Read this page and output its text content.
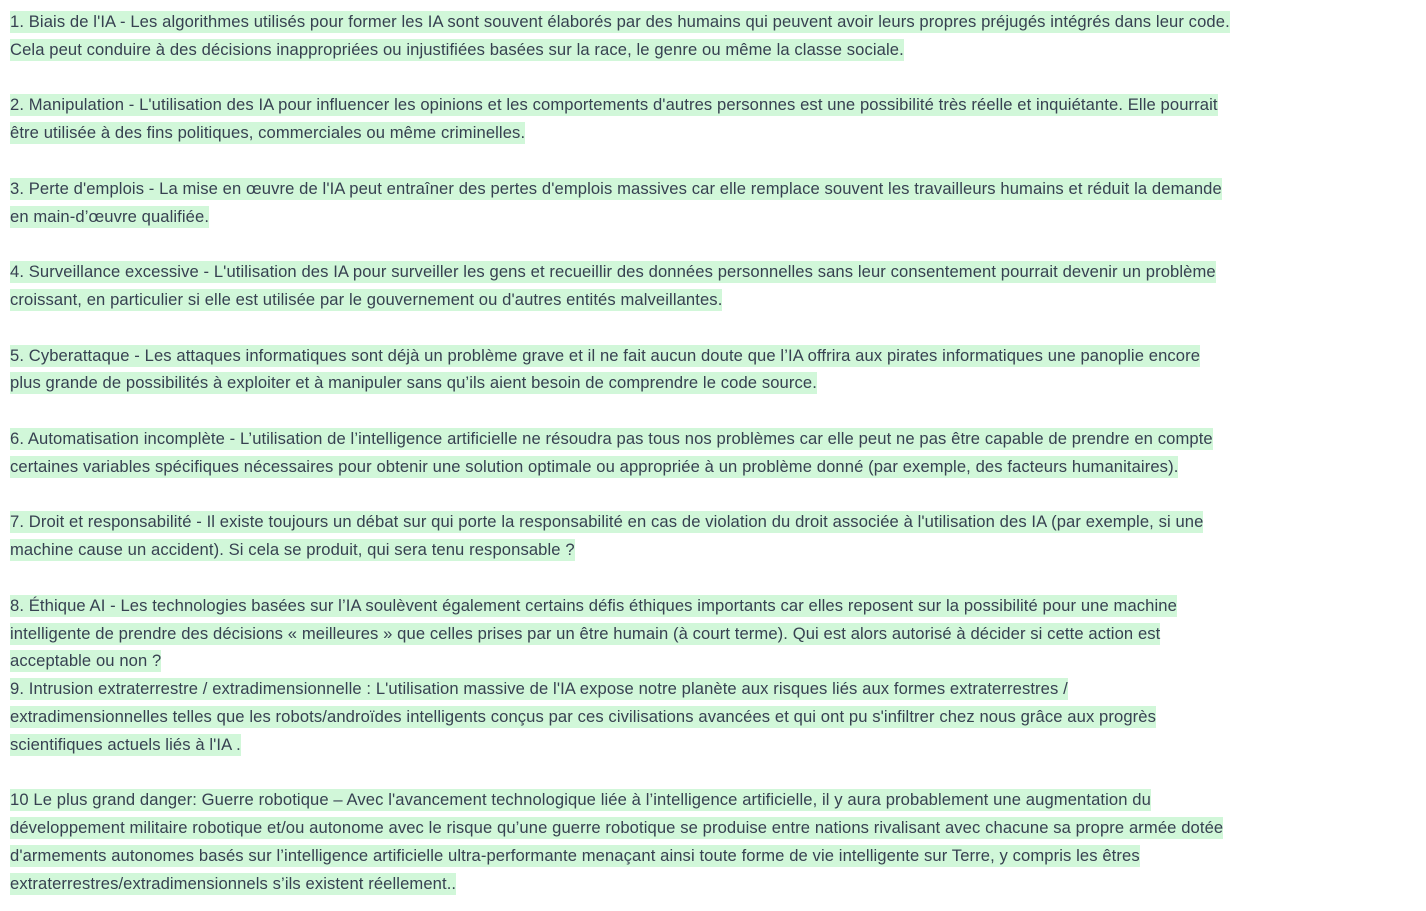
1. Biais de l'IA - Les algorithmes utilisés pour former les IA sont souvent élaborés par des humains qui peuvent avoir leurs propres préjugés intégrés dans leur code.
Cela peut conduire à des décisions inappropriées ou injustifiées basées sur la race, le genre ou même la classe sociale.

2. Manipulation - L'utilisation des IA pour influencer les opinions et les comportements d'autres personnes est une possibilité très réelle et inquiétante. Elle pourrait
être utilisée à des fins politiques, commerciales ou même criminelles.

3. Perte d'emplois - La mise en œuvre de l'IA peut entraîner des pertes d'emplois massives car elle remplace souvent les travailleurs humains et réduit la demande
en main-d’œuvre qualifiée.

4. Surveillance excessive - L'utilisation des IA pour surveiller les gens et recueillir des données personnelles sans leur consentement pourrait devenir un problème
croissant, en particulier si elle est utilisée par le gouvernement ou d'autres entités malveillantes.

5. Cyberattaque - Les attaques informatiques sont déjà un problème grave et il ne fait aucun doute que l’IA offrira aux pirates informatiques une panoplie encore
plus grande de possibilités à exploiter et à manipuler sans qu’ils aient besoin de comprendre le code source.

6. Automatisation incomplète - L’utilisation de l’intelligence artificielle ne résoudra pas tous nos problèmes car elle peut ne pas être capable de prendre en compte
certaines variables spécifiques nécessaires pour obtenir une solution optimale ou appropriée à un problème donné (par exemple, des facteurs humanitaires).

7. Droit et responsabilité - Il existe toujours un débat sur qui porte la responsabilité en cas de violation du droit associée à l'utilisation des IA (par exemple, si une
machine cause un accident). Si cela se produit, qui sera tenu responsable ?

8. Éthique AI - Les technologies basées sur l’IA soulèvent également certains défis éthiques importants car elles reposent sur la possibilité pour une machine
intelligente de prendre des décisions « meilleures » que celles prises par un être humain (à court terme). Qui est alors autorisé à décider si cette action est
acceptable ou non ?
9. Intrusion extraterrestre / extradimensionnelle : L'utilisation massive de l'IA expose notre planète aux risques liés aux formes extraterrestres /
extradimensionnelles telles que les robots/androïdes intelligents conçus par ces civilisations avancées et qui ont pu s'infiltrer chez nous grâce aux progrès
scientifiques actuels liés à l'IA .

10 Le plus grand danger: Guerre robotique – Avec l'avancement technologique liée à l’intelligence artificielle, il y aura probablement une augmentation du
développement militaire robotique et/ou autonome avec le risque qu’une guerre robotique se produise entre nations rivalisant avec chacune sa propre armée dotée
d'armements autonomes basés sur l’intelligence artificielle ultra-performante menaçant ainsi toute forme de vie intelligente sur Terre, y compris les êtres
extraterrestres/extradimensionnels s’ils existent réellement..
